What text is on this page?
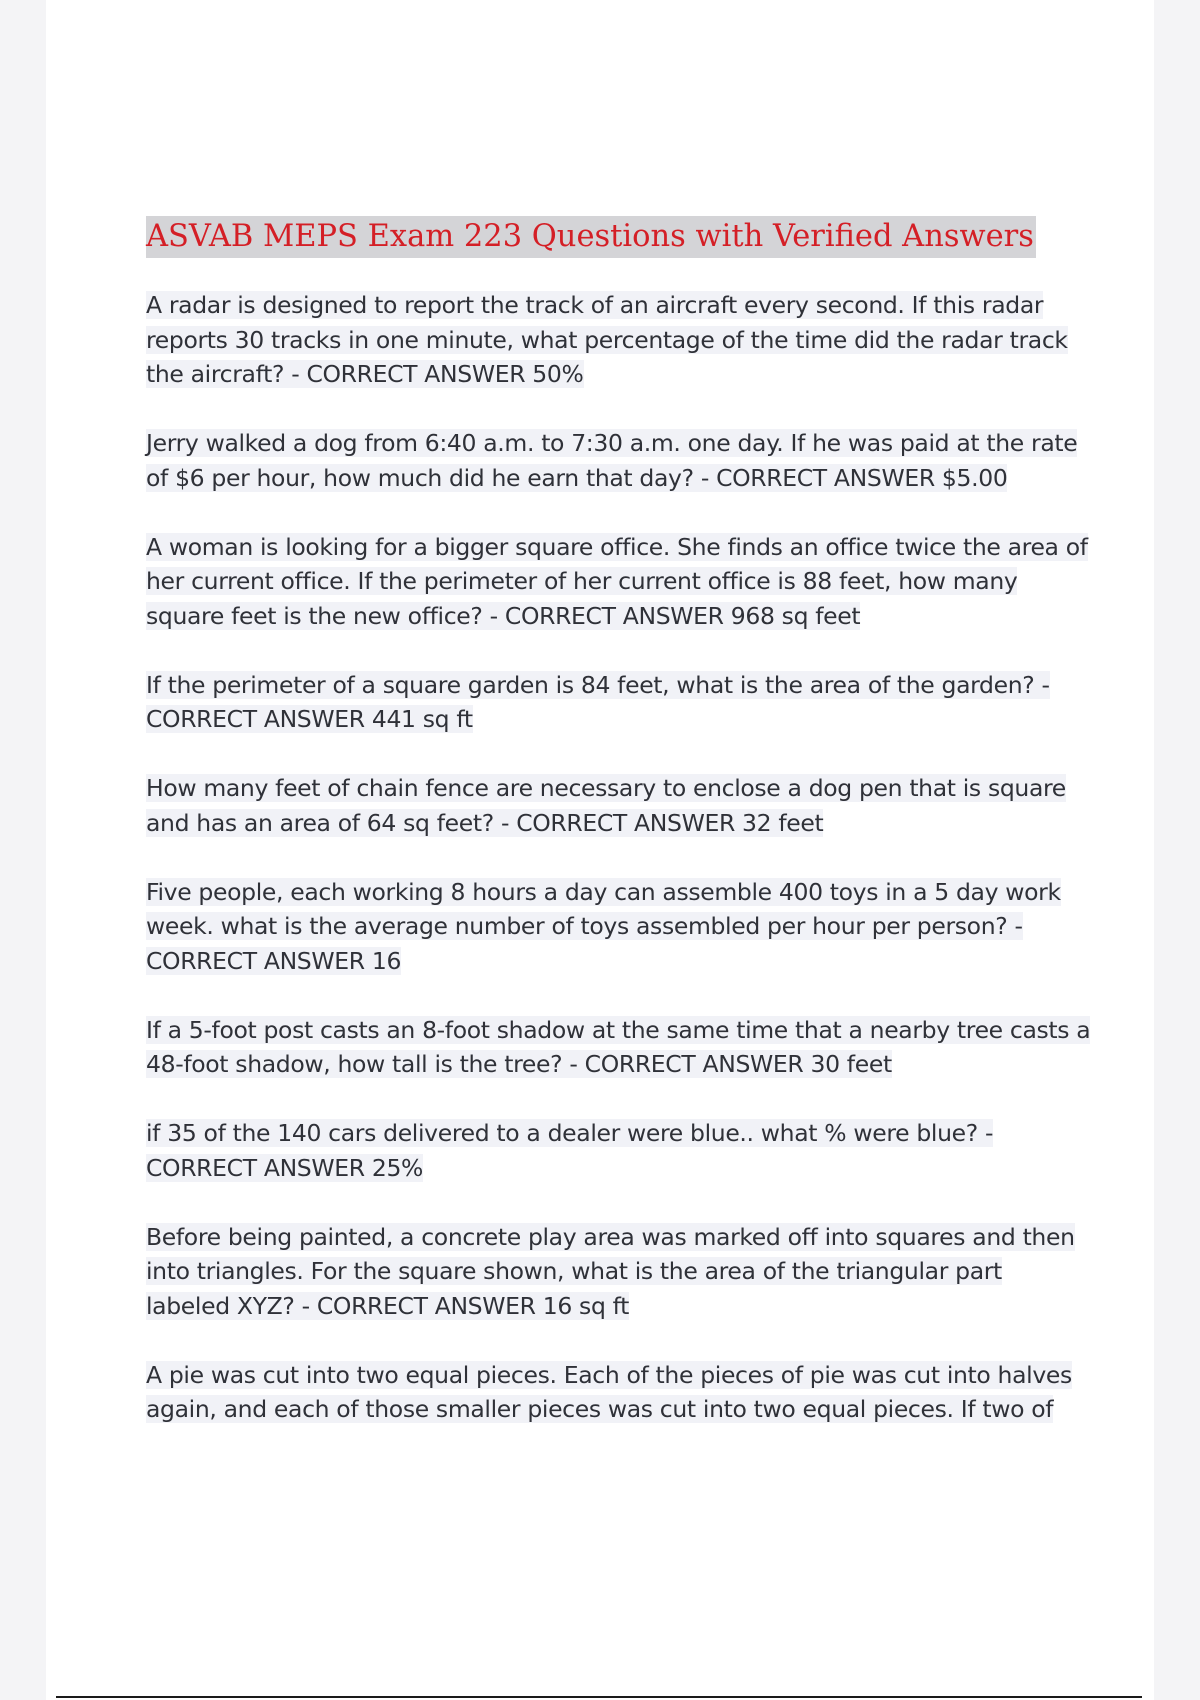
ASVAB MEPS Exam 223 Questions with Verified Answers
A radar is designed to report the track of an aircraft every second. If this radar
reports 30 tracks in one minute, what percentage of the time did the radar track
the aircraft? - CORRECT ANSWER 50%
Jerry walked a dog from 6:40 a.m. to 7:30 a.m. one day. If he was paid at the rate
of $6 per hour, how much did he earn that day? - CORRECT ANSWER $5.00
A woman is looking for a bigger square office. She finds an office twice the area of
her current office. If the perimeter of her current office is 88 feet, how many
square feet is the new office? - CORRECT ANSWER 968 sq feet
If the perimeter of a square garden is 84 feet, what is the area of the garden? -
CORRECT ANSWER 441 sq ft
How many feet of chain fence are necessary to enclose a dog pen that is square
and has an area of 64 sq feet? - CORRECT ANSWER 32 feet
Five people, each working 8 hours a day can assemble 400 toys in a 5 day work
week. what is the average number of toys assembled per hour per person? -
CORRECT ANSWER 16
If a 5-foot post casts an 8-foot shadow at the same time that a nearby tree casts a
48-foot shadow, how tall is the tree? - CORRECT ANSWER 30 feet
if 35 of the 140 cars delivered to a dealer were blue.. what % were blue? -
CORRECT ANSWER 25%
Before being painted, a concrete play area was marked off into squares and then
into triangles. For the square shown, what is the area of the triangular part
labeled XYZ? - CORRECT ANSWER 16 sq ft
A pie was cut into two equal pieces. Each of the pieces of pie was cut into halves
again, and each of those smaller pieces was cut into two equal pieces. If two of
